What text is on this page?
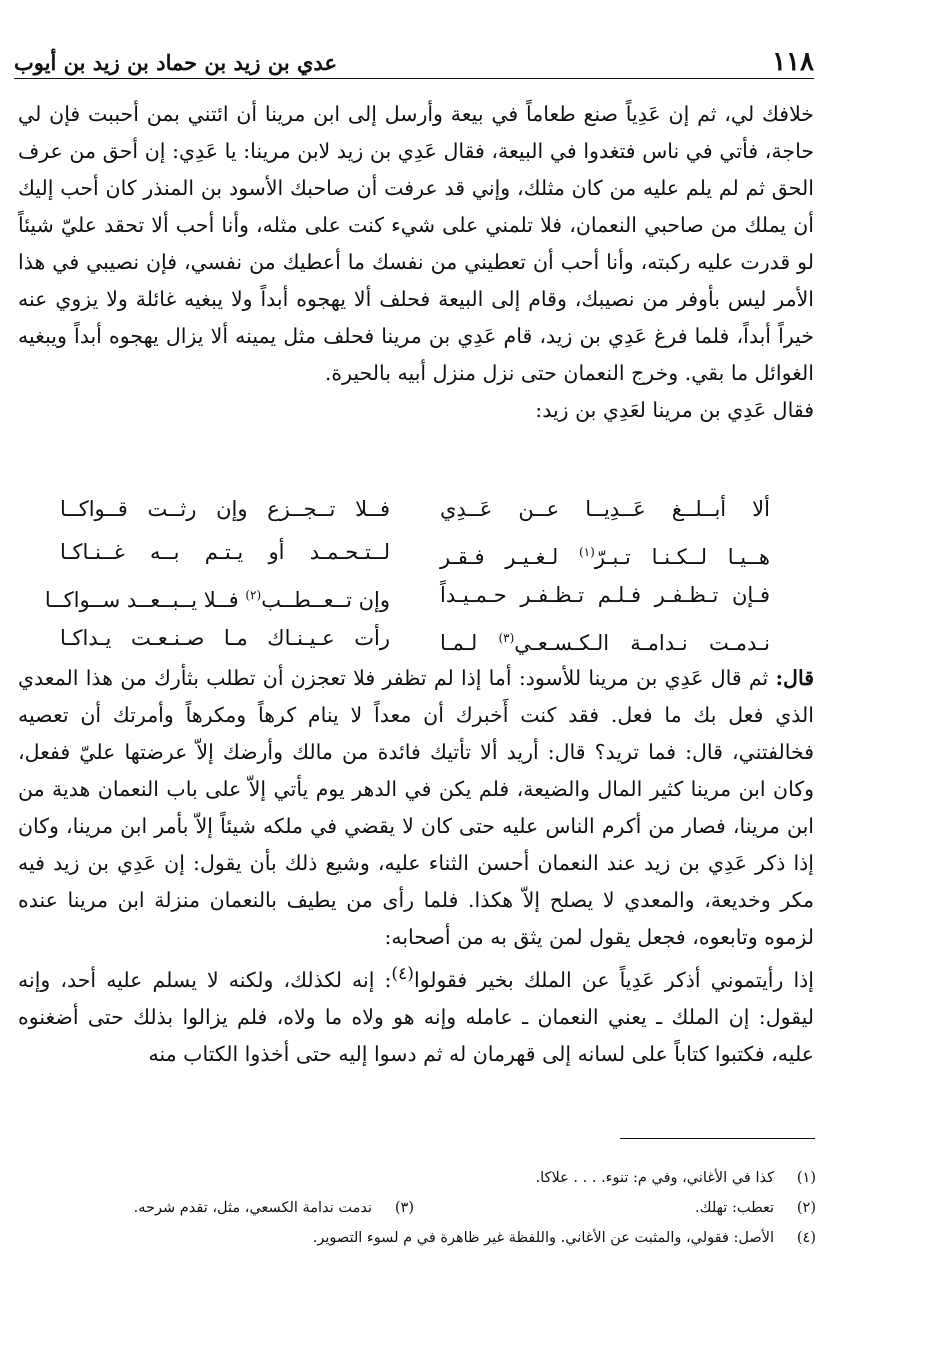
١١٨
عدي بن زيد بن حماد بن زيد بن أيوب

خلافك لي، ثم إن عَدِياً صنع طعاماً في بيعة وأرسل إلى ابن مرينا أن ائتني بمن أحببت فإن لي حاجة، فأتي في ناس فتغدوا في البيعة، فقال عَدِي بن زيد لابن مرينا: يا عَدِي: إن أحق من عرف الحق ثم لم يلم عليه من كان مثلك، وإني قد عرفت أن صاحبك الأسود بن المنذر كان أحب إليك أن يملك من صاحبي النعمان، فلا تلمني على شيء كنت على مثله، وأنا أحب ألا تحقد عليّ شيئاً لو قدرت عليه ركبته، وأنا أحب أن تعطيني من نفسك ما أعطيك من نفسي، فإن نصيبي في هذا الأمر ليس بأوفر من نصيبك، وقام إلى البيعة فحلف ألا يهجوه أبداً ولا يبغيه غائلة ولا يزوي عنه خيراً أبداً، فلما فرغ عَدِي بن زيد، قام عَدِي بن مرينا فحلف مثل يمينه ألا يزال يهجوه أبداً ويبغيه الغوائل ما بقي. وخرج النعمان حتى نزل منزل أبيه بالحيرة.

فقال عَدِي بن مرينا لعَدِي بن زيد:

ألا أبــلــغ عَــدِيــا عــن عَــدِي
فــلا تــجــزع وإن رثــت قــواكــا
هــيـا لــكـنـا تـبـرّ$^{(١)}$ لـغـيـر فـقـر
لــتـحـمـد أو يـتـم بــه غــنـاكـا
فـإن تـظـفـر فـلـم تـظـفـر حـمـيـداً
وإن تــعــطــب$^{(٢)}$ فــلا يــبــعــد ســواكــا
نـدمـت نـدامـة الـكـسـعـي$^{(٣)}$ لـمـا
رأت عـيـنـاك مـا صـنـعـت يـداكـا

قال: ثم قال عَدِي بن مرينا للأسود: أما إذا لم تظفر فلا تعجزن أن تطلب بثأرك من هذا المعدي الذي فعل بك ما فعل. فقد كنت أَخبرك أن معداً لا ينام كرهاً ومكرهاً وأمرتك أن تعصيه فخالفتني، قال: فما تريد؟ قال: أريد ألا تأتيك فائدة من مالك وأرضك إلاّ عرضتها عليّ ففعل، وكان ابن مرينا كثير المال والضيعة، فلم يكن في الدهر يوم يأتي إلاّ على باب النعمان هدية من ابن مرينا، فصار من أكرم الناس عليه حتى كان لا يقضي في ملكه شيئاً إلاّ بأمر ابن مرينا، وكان إذا ذكر عَدِي بن زيد عند النعمان أحسن الثناء عليه، وشيع ذلك بأن يقول: إن عَدِي بن زيد فيه مكر وخديعة، والمعدي لا يصلح إلاّ هكذا. فلما رأى من يطيف بالنعمان منزلة ابن مرينا عنده لزموه وتابعوه، فجعل يقول لمن يثق به من أصحابه:

إذا رأيتموني أذكر عَدِياً عن الملك بخير فقولوا$^{(٤)}$: إنه لكذلك، ولكنه لا يسلم عليه أحد، وإنه ليقول: إن الملك ـ يعني النعمان ـ عامله وإنه هو ولاه ما ولاه، فلم يزالوا بذلك حتى أضغنوه عليه، فكتبوا كتاباً على لسانه إلى قهرمان له ثم دسوا إليه حتى أخذوا الكتاب منه

(١)
كذا في الأغاني، وفي م: تنوء. . . . علاكا.
(٢)
تعطب: تهلك.
(٣)
ندمت ندامة الكسعي، مثل، تقدم شرحه.
(٤)
الأصل: فقولي، والمثبت عن الأغاني. واللفظة غير ظاهرة في م لسوء التصوير.
